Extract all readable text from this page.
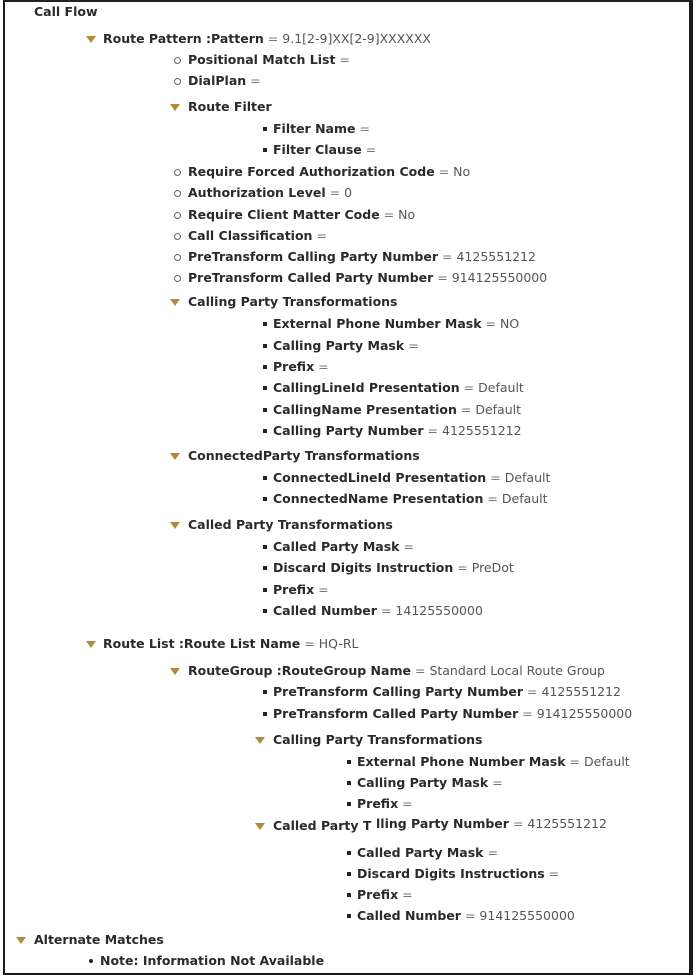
Call Flow
Route Pattern :Pattern = 9.1[2-9]XX[2-9]XXXXXX
Positional Match List =
DialPlan =
Route Filter
Filter Name =
Filter Clause =
Require Forced Authorization Code = No
Authorization Level = 0
Require Client Matter Code = No
Call Classification =
PreTransform Calling Party Number = 4125551212
PreTransform Called Party Number = 914125550000
Calling Party Transformations
External Phone Number Mask = NO
Calling Party Mask =
Prefix =
CallingLineId Presentation = Default
CallingName Presentation = Default
Calling Party Number = 4125551212
ConnectedParty Transformations
ConnectedLineId Presentation = Default
ConnectedName Presentation = Default
Called Party Transformations
Called Party Mask =
Discard Digits Instruction = PreDot
Prefix =
Called Number = 14125550000
Route List :Route List Name = HQ-RL
RouteGroup :RouteGroup Name = Standard Local Route Group
PreTransform Calling Party Number = 4125551212
PreTransform Called Party Number = 914125550000
Calling Party Transformations
External Phone Number Mask = Default
Calling Party Mask =
Prefix =
Called Party T lling Party Number = 4125551212
Called Party Mask =
Discard Digits Instructions =
Prefix =
Called Number = 914125550000
Alternate Matches
Note: Information Not Available
